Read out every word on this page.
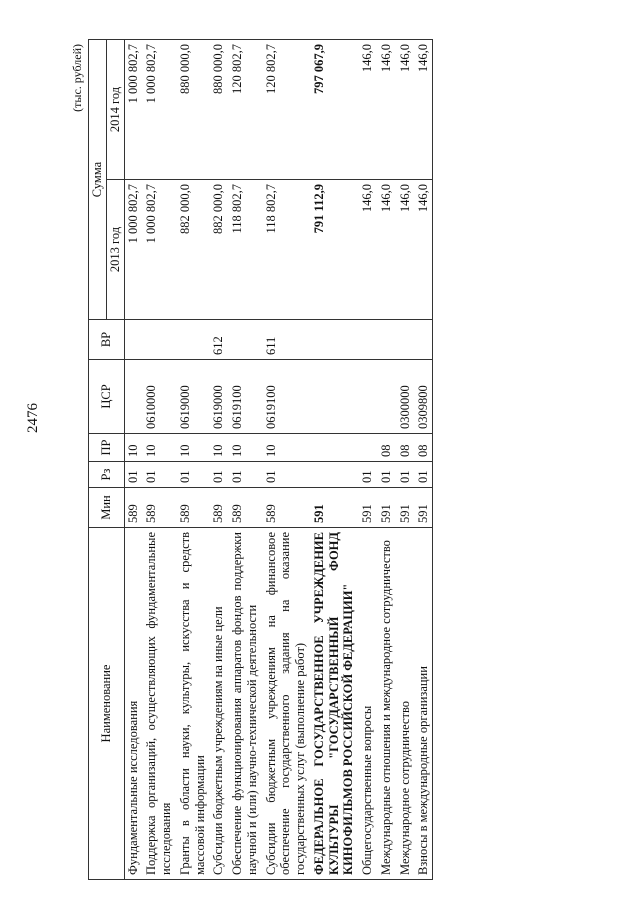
2476
(тыс. рублей)
Наименование	Мин	Рз	ПР	ЦСР	ВР	Сумма	
						2013 год	2014 год
Фундаментальные исследования	589	01	10			1 000 802,7	1 000 802,7
Поддержка организаций, осуществляющих фундаментальные исследования	589	01	10	0610000		1 000 802,7	1 000 802,7
Гранты в области науки, культуры, искусства и средств массовой информации	589	01	10	0619000		882 000,0	880 000,0
Субсидии бюджетным учреждениям на иные цели	589	01	10	0619000	612	882 000,0	880 000,0
Обеспечение функционирования аппаратов фондов поддержки научной и (или) научно-технической деятельности	589	01	10	0619100		118 802,7	120 802,7
Субсидии бюджетным учреждениям на финансовое обеспечение государственного задания на оказание государственных услуг (выполнение работ)	589	01	10	0619100	611	118 802,7	120 802,7
ФЕДЕРАЛЬНОЕ ГОСУДАРСТВЕННОЕ УЧРЕЖДЕНИЕ КУЛЬТУРЫ "ГОСУДАРСТВЕННЫЙ ФОНД КИНОФИЛЬМОВ РОССИЙСКОЙ ФЕДЕРАЦИИ"	591					791 112,9	797 067,9
Общегосударственные вопросы	591	01				146,0	146,0
Международные отношения и международное сотрудничество	591	01	08			146,0	146,0
Международное сотрудничество	591	01	08	0300000		146,0	146,0
Взносы в международные организации	591	01	08	0309800		146,0	146,0
